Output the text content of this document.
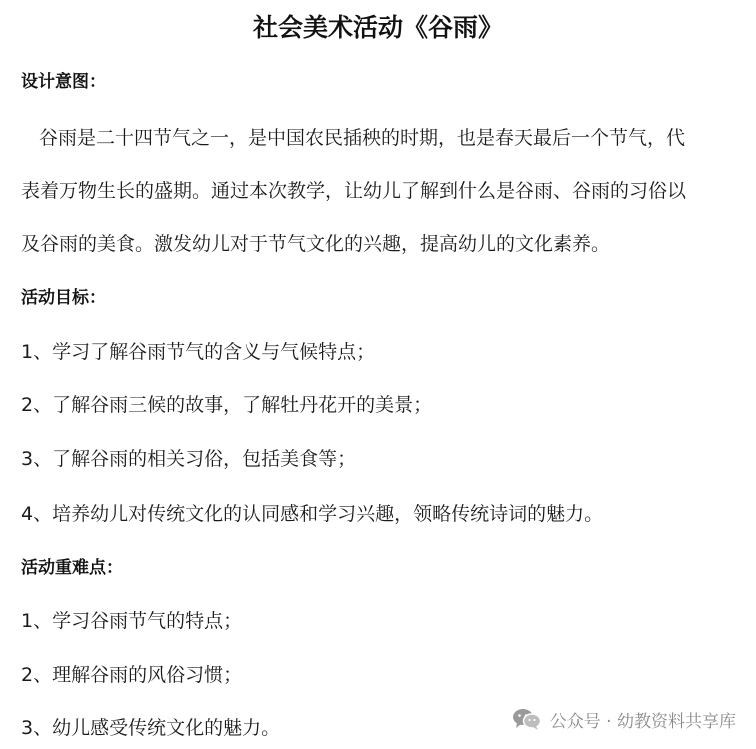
社会美术活动《谷雨》
设计意图：
谷雨是二十四节气之一，是中国农民插秧的时期，也是春天最后一个节气，代
表着万物生长的盛期。通过本次教学，让幼儿了解到什么是谷雨、谷雨的习俗以
及谷雨的美食。激发幼儿对于节气文化的兴趣，提高幼儿的文化素养。
活动目标：
1、学习了解谷雨节气的含义与气候特点；
2、了解谷雨三候的故事，了解牡丹花开的美景；
3、了解谷雨的相关习俗，包括美食等；
4、培养幼儿对传统文化的认同感和学习兴趣，领略传统诗词的魅力。
活动重难点：
1、学习谷雨节气的特点；
2、理解谷雨的风俗习惯；
3、幼儿感受传统文化的魅力。	公众号 · 幼教资料共享库
